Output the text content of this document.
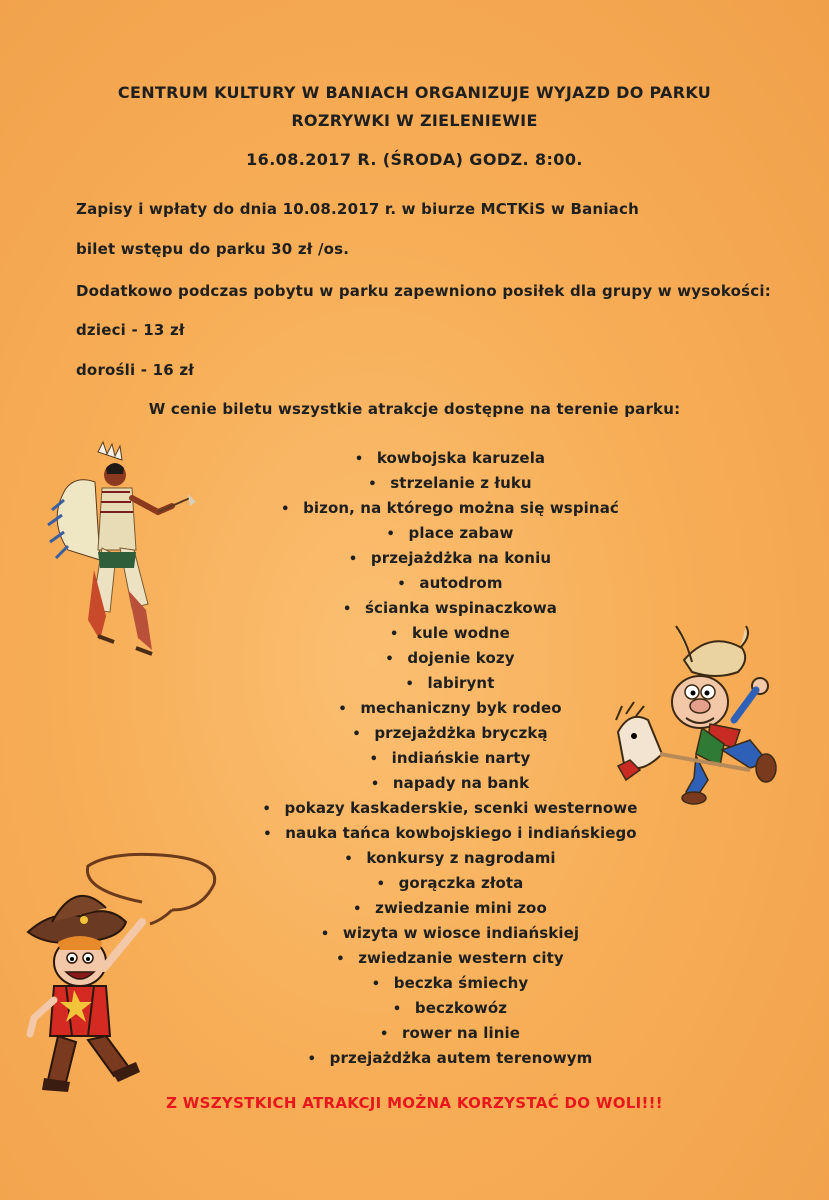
CENTRUM KULTURY W BANIACH ORGANIZUJE WYJAZD DO PARKU
ROZRYWKI W ZIELENIEWIE
16.08.2017 R. (ŚRODA) GODZ. 8:00.
Zapisy i wpłaty do dnia 10.08.2017 r. w biurze MCTKiS w Baniach
bilet wstępu do parku 30 zł /os.
Dodatkowo podczas pobytu w parku zapewniono posiłek dla grupy w wysokości:
dzieci - 13 zł
dorośli - 16 zł
W cenie biletu wszystkie atrakcje dostępne na terenie parku:
• kowbojska karuzela
• strzelanie z łuku
• bizon, na którego można się wspinać
• place zabaw
• przejażdżka na koniu
• autodrom
• ścianka wspinaczkowa
• kule wodne
• dojenie kozy
• labirynt
• mechaniczny byk rodeo
• przejażdżka bryczką
• indiańskie narty
• napady na bank
• pokazy kaskaderskie, scenki westernowe
• nauka tańca kowbojskiego i indiańskiego
• konkursy z nagrodami
• gorączka złota
• zwiedzanie mini zoo
• wizyta w wiosce indiańskiej
• zwiedzanie western city
• beczka śmiechy
• beczkowóz
• rower na linie
• przejażdżka autem terenowym
Z WSZYSTKICH ATRAKCJI MOŻNA KORZYSTAĆ DO WOLI!!!
